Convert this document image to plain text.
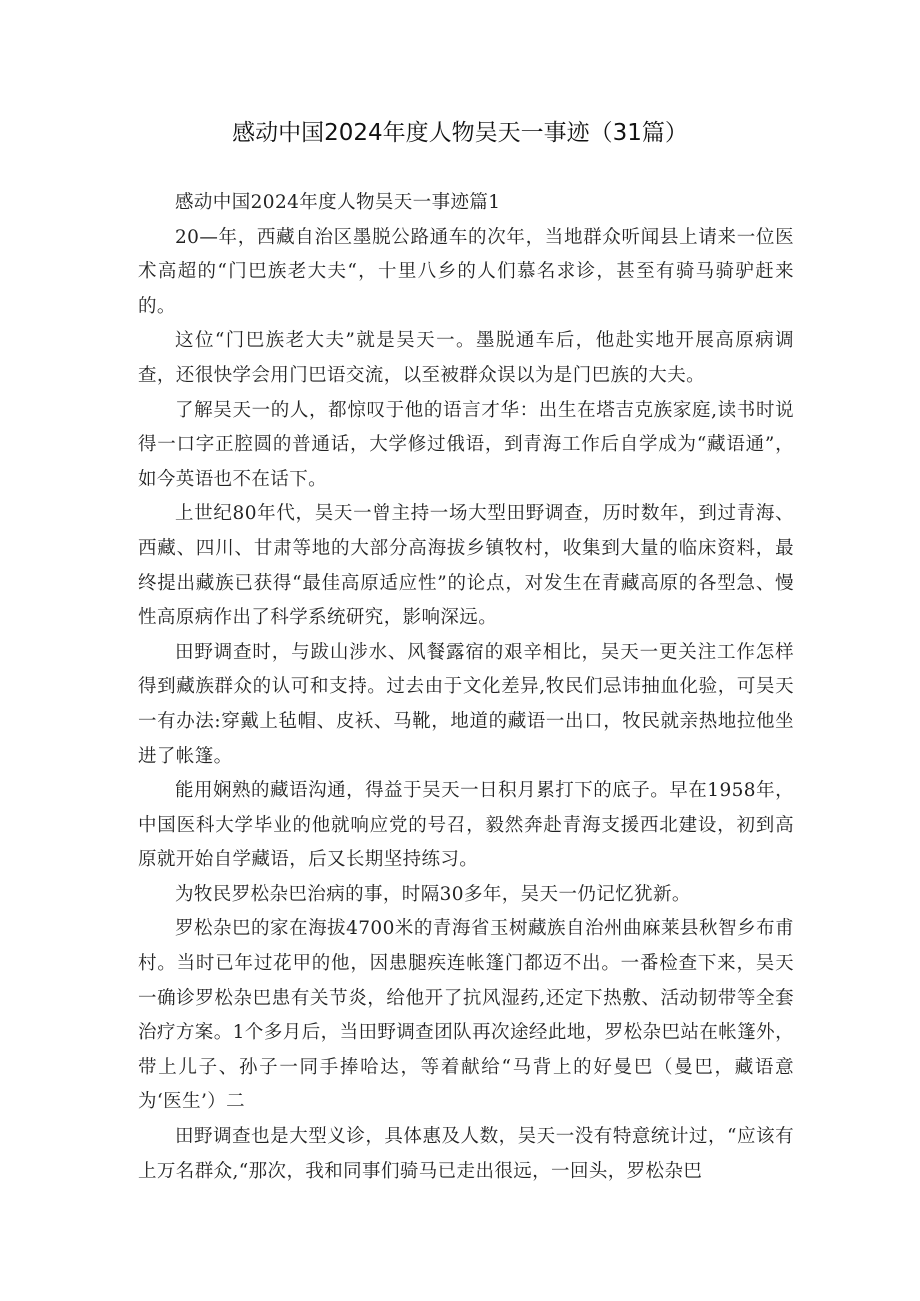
感动中国2024年度人物吴天一事迹（31篇）

感动中国2024年度人物吴天一事迹篇1

20—年，西藏自治区墨脱公路通车的次年，当地群众听闻县上请来一位医术高超的“门巴族老大夫“，十里八乡的人们慕名求诊，甚至有骑马骑驴赶来的。

这位“门巴族老大夫”就是吴天一。墨脱通车后，他赴实地开展高原病调查，还很快学会用门巴语交流，以至被群众误以为是门巴族的大夫。

了解吴天一的人，都惊叹于他的语言才华：出生在塔吉克族家庭,读书时说得一口字正腔圆的普通话，大学修过俄语，到青海工作后自学成为“藏语通”，如今英语也不在话下。

上世纪80年代，吴天一曾主持一场大型田野调查，历时数年，到过青海、西藏、四川、甘肃等地的大部分高海拔乡镇牧村，收集到大量的临床资料，最终提出藏族已获得“最佳高原适应性”的论点，对发生在青藏高原的各型急、慢性高原病作出了科学系统研究，影响深远。

田野调查时，与跋山涉水、风餐露宿的艰辛相比，吴天一更关注工作怎样得到藏族群众的认可和支持。过去由于文化差异,牧民们忌讳抽血化验，可吴天一有办法:穿戴上毡帽、皮袄、马靴，地道的藏语一出口，牧民就亲热地拉他坐进了帐篷。

能用娴熟的藏语沟通，得益于吴天一日积月累打下的底子。早在1958年，中国医科大学毕业的他就响应党的号召，毅然奔赴青海支援西北建设，初到高原就开始自学藏语，后又长期坚持练习。

为牧民罗松杂巴治病的事，时隔30多年，吴天一仍记忆犹新。

罗松杂巴的家在海拔4700米的青海省玉树藏族自治州曲麻莱县秋智乡布甫村。当时已年过花甲的他，因患腿疾连帐篷门都迈不出。一番检查下来，吴天一确诊罗松杂巴患有关节炎，给他开了抗风湿药,还定下热敷、活动韧带等全套治疗方案。1个多月后，当田野调查团队再次途经此地，罗松杂巴站在帐篷外，带上儿子、孙子一同手捧哈达，等着献给“马背上的好曼巴（曼巴，藏语意为‘医生’）二

田野调查也是大型义诊，具体惠及人数，吴天一没有特意统计过，“应该有上万名群众,“那次，我和同事们骑马已走出很远，一回头，罗松杂巴
